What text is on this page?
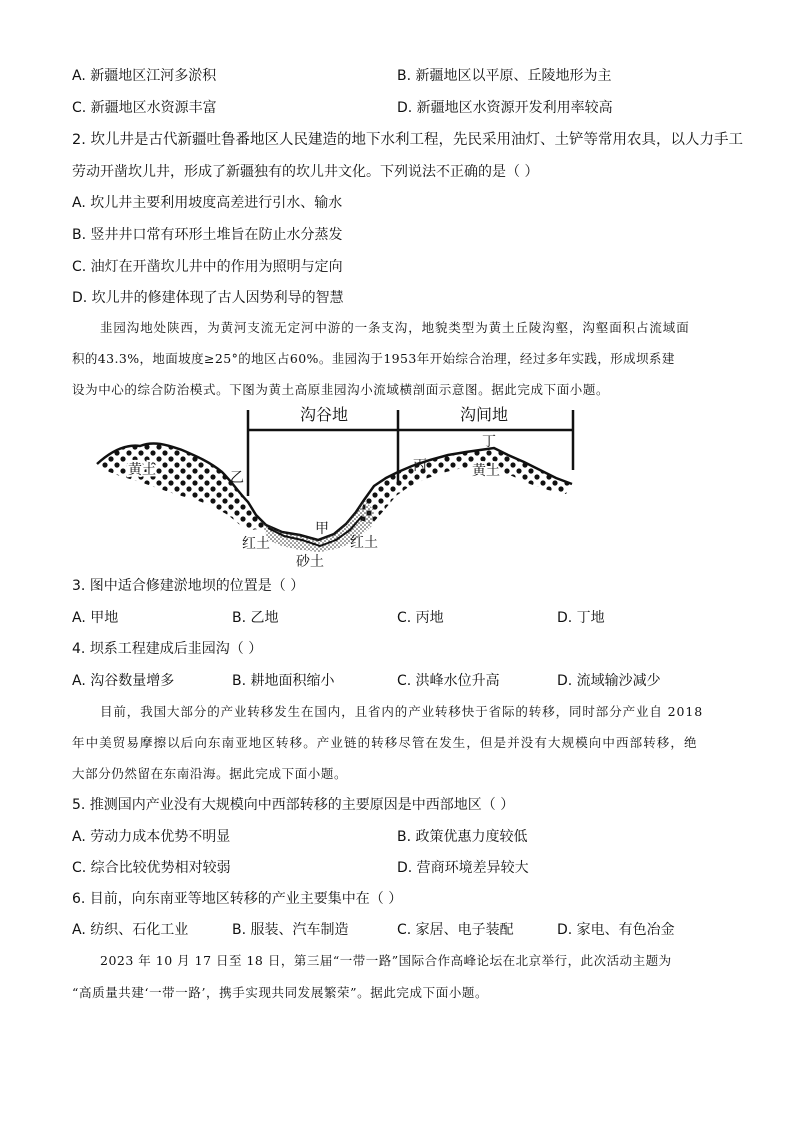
A. 新疆地区江河多淤积	B. 新疆地区以平原、丘陵地形为主
C. 新疆地区水资源丰富	D. 新疆地区水资源开发利用率较高
2. 坎儿井是古代新疆吐鲁番地区人民建造的地下水利工程，先民采用油灯、土铲等常用农具，以人力手工
劳动开凿坎儿井，形成了新疆独有的坎儿井文化。下列说法不正确的是（ ）
A. 坎儿井主要利用坡度高差进行引水、输水
B. 竖井井口常有环形土堆旨在防止水分蒸发
C. 油灯在开凿坎儿井中的作用为照明与定向
D. 坎儿井的修建体现了古人因势利导的智慧
韭园沟地处陕西，为黄河支流无定河中游的一条支沟，地貌类型为黄土丘陵沟壑，沟壑面积占流域面
积的43.3%，地面坡度≥25°的地区占60%。韭园沟于1953年开始综合治理，经过多年实践，形成坝系建
设为中心的综合防治模式。下图为黄土高原韭园沟小流域横剖面示意图。据此完成下面小题。
沟谷地	沟间地
黄土	黄土
乙
丙
丁
甲
红土	红土
砂土
3. 图中适合修建淤地坝的位置是（ ）
A. 甲地	B. 乙地	C. 丙地	D. 丁地
4. 坝系工程建成后韭园沟（ ）
A. 沟谷数量增多	B. 耕地面积缩小	C. 洪峰水位升高	D. 流域输沙减少
目前，我国大部分的产业转移发生在国内，且省内的产业转移快于省际的转移，同时部分产业自 2018
年中美贸易摩擦以后向东南亚地区转移。产业链的转移尽管在发生，但是并没有大规模向中西部转移，绝
大部分仍然留在东南沿海。据此完成下面小题。
5. 推测国内产业没有大规模向中西部转移的主要原因是中西部地区（ ）
A. 劳动力成本优势不明显	B. 政策优惠力度较低
C. 综合比较优势相对较弱	D. 营商环境差异较大
6. 目前，向东南亚等地区转移的产业主要集中在（ ）
A. 纺织、石化工业	B. 服装、汽车制造	C. 家居、电子装配	D. 家电、有色冶金
2023 年 10 月 17 日至 18 日，第三届“一带一路”国际合作高峰论坛在北京举行，此次活动主题为
“高质量共建‘一带一路’，携手实现共同发展繁荣”。据此完成下面小题。
